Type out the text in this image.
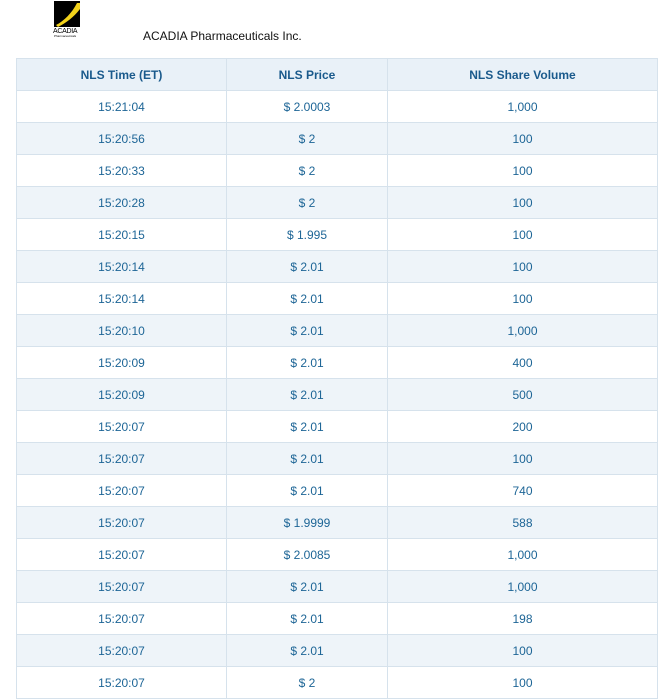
ACADIA
Pharmaceuticals	ACADIA Pharmaceuticals Inc.
NLS Time (ET)	NLS Price	NLS Share Volume
15:21:04	$ 2.0003	1,000
15:20:56	$ 2	100
15:20:33	$ 2	100
15:20:28	$ 2	100
15:20:15	$ 1.995	100
15:20:14	$ 2.01	100
15:20:14	$ 2.01	100
15:20:10	$ 2.01	1,000
15:20:09	$ 2.01	400
15:20:09	$ 2.01	500
15:20:07	$ 2.01	200
15:20:07	$ 2.01	100
15:20:07	$ 2.01	740
15:20:07	$ 1.9999	588
15:20:07	$ 2.0085	1,000
15:20:07	$ 2.01	1,000
15:20:07	$ 2.01	198
15:20:07	$ 2.01	100
15:20:07	$ 2	100
